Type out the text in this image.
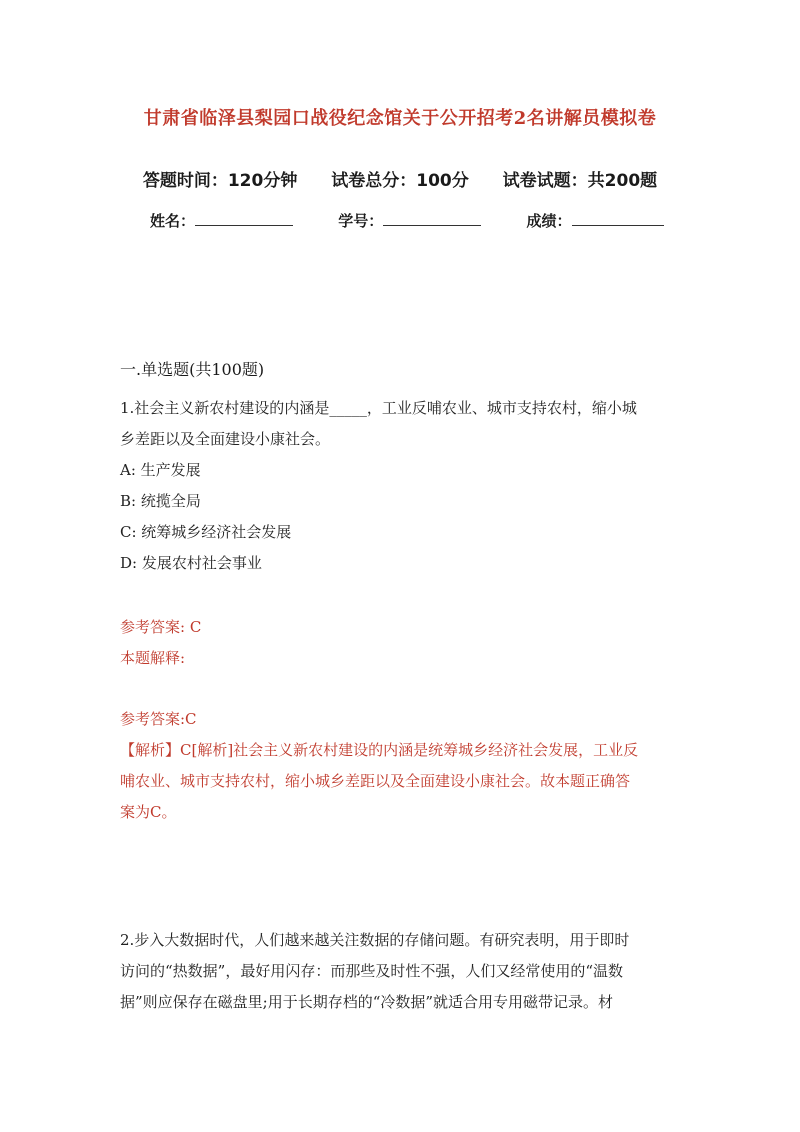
甘肃省临泽县梨园口战役纪念馆关于公开招考2名讲解员模拟卷
答题时间：120分钟 试卷总分：100分 试卷试题：共200题
姓名：	学号：	成绩：
一.单选题(共100题)

1.社会主义新农村建设的内涵是_____，工业反哺农业、城市支持农村，缩小城

乡差距以及全面建设小康社会。

A: 生产发展

B: 统揽全局

C: 统筹城乡经济社会发展

D: 发展农村社会事业

参考答案: C

本题解释:

参考答案:C

【解析】C[解析]社会主义新农村建设的内涵是统筹城乡经济社会发展，工业反

哺农业、城市支持农村，缩小城乡差距以及全面建设小康社会。故本题正确答

案为C。

2.步入大数据时代，人们越来越关注数据的存储问题。有研究表明，用于即时

访问的“热数据”，最好用闪存：而那些及时性不强，人们又经常使用的“温数

据”则应保存在磁盘里;用于长期存档的“冷数据”就适合用专用磁带记录。材
